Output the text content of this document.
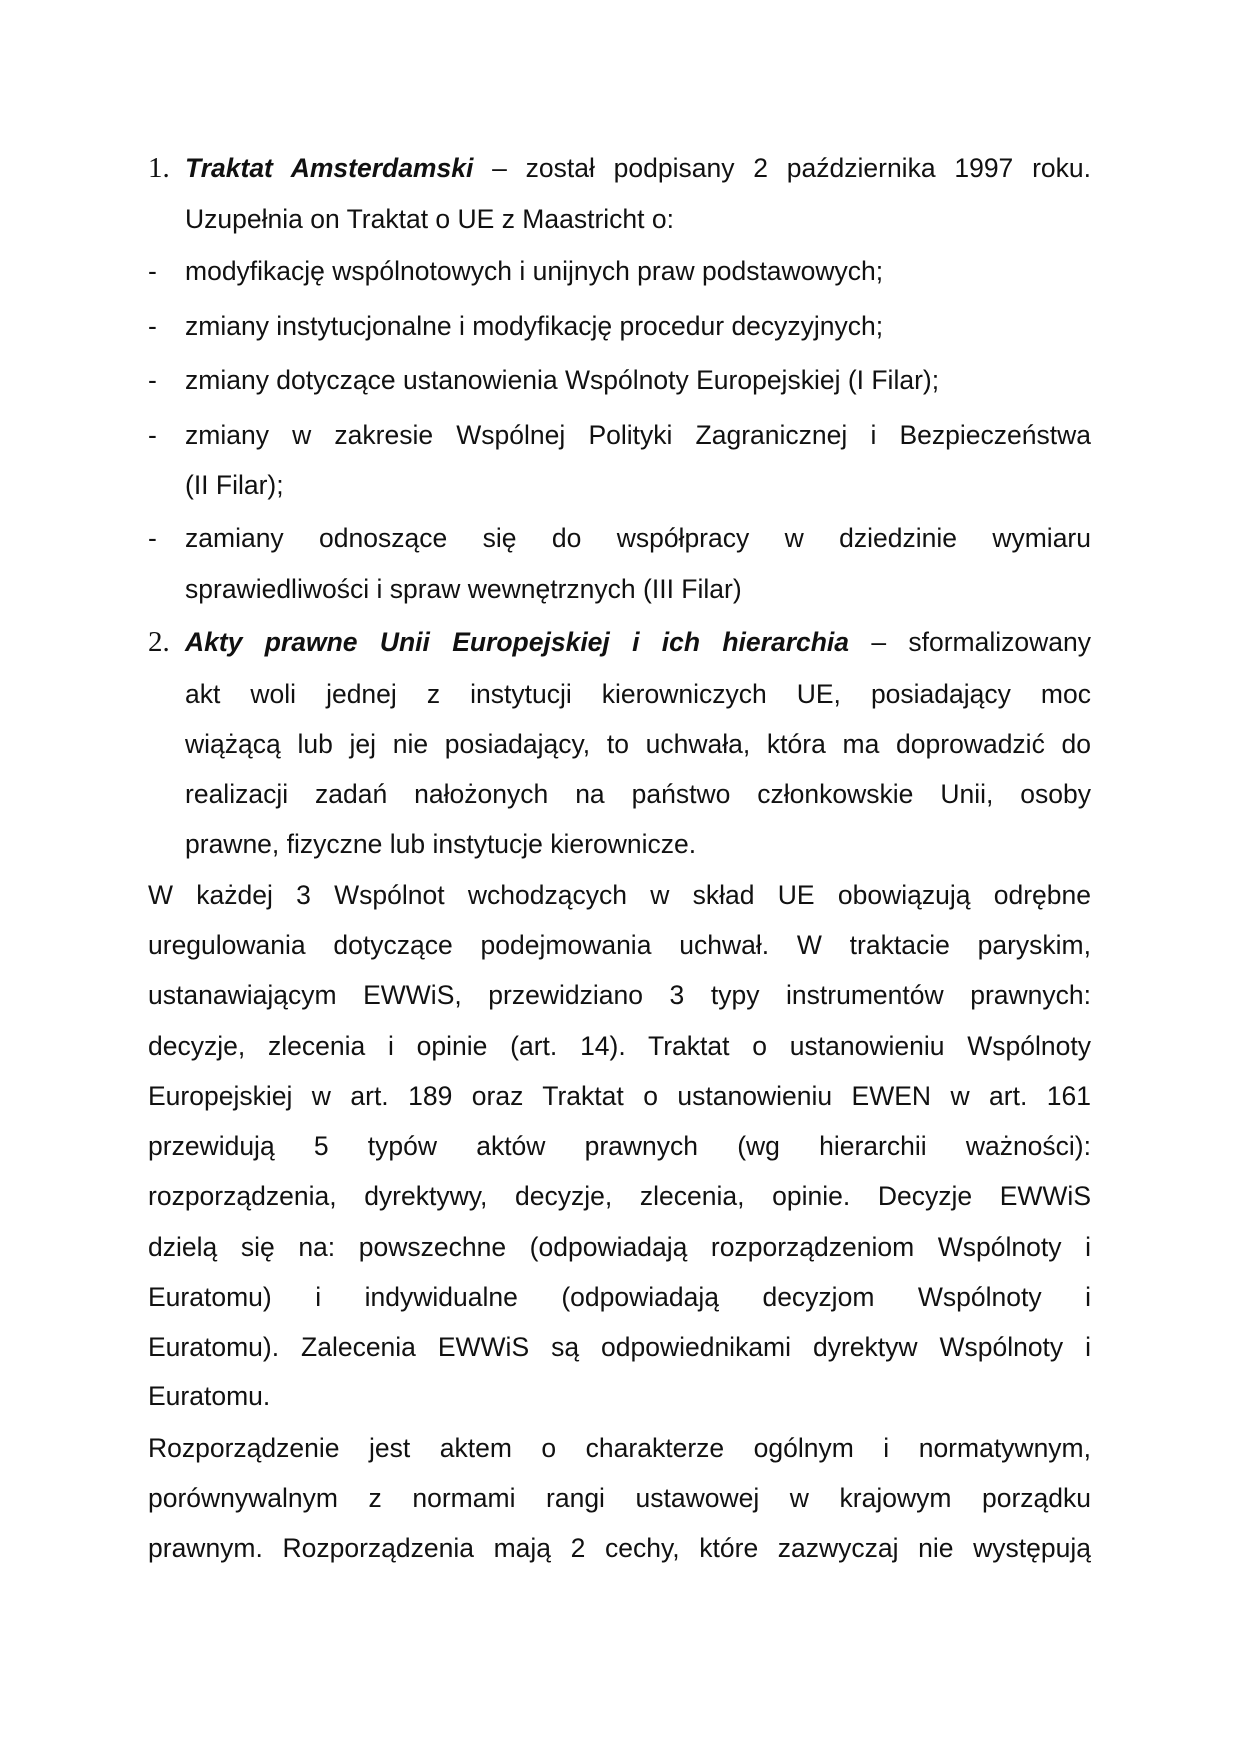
1. Traktat Amsterdamski – został podpisany 2 października 1997 roku.
Uzupełnia on Traktat o UE z Maastricht o:
- modyfikację wspólnotowych i unijnych praw podstawowych;
- zmiany instytucjonalne i modyfikację procedur decyzyjnych;
- zmiany dotyczące ustanowienia Wspólnoty Europejskiej (I Filar);
- zmiany w zakresie Wspólnej Polityki Zagranicznej i Bezpieczeństwa
(II Filar);
- zamiany odnoszące się do współpracy w dziedzinie wymiaru
sprawiedliwości i spraw wewnętrznych (III Filar)
2. Akty prawne Unii Europejskiej i ich hierarchia – sformalizowany
akt woli jednej z instytucji kierowniczych UE, posiadający moc
wiążącą lub jej nie posiadający, to uchwała, która ma doprowadzić do
realizacji zadań nałożonych na państwo członkowskie Unii, osoby
prawne, fizyczne lub instytucje kierownicze.
W każdej 3 Wspólnot wchodzących w skład UE obowiązują odrębne
uregulowania dotyczące podejmowania uchwał. W traktacie paryskim,
ustanawiającym EWWiS, przewidziano 3 typy instrumentów prawnych:
decyzje, zlecenia i opinie (art. 14). Traktat o ustanowieniu Wspólnoty
Europejskiej w art. 189 oraz Traktat o ustanowieniu EWEN w art. 161
przewidują 5 typów aktów prawnych (wg hierarchii ważności):
rozporządzenia, dyrektywy, decyzje, zlecenia, opinie. Decyzje EWWiS
dzielą się na: powszechne (odpowiadają rozporządzeniom Wspólnoty i
Euratomu) i indywidualne (odpowiadają decyzjom Wspólnoty i
Euratomu). Zalecenia EWWiS są odpowiednikami dyrektyw Wspólnoty i
Euratomu.
Rozporządzenie jest aktem o charakterze ogólnym i normatywnym,
porównywalnym z normami rangi ustawowej w krajowym porządku
prawnym. Rozporządzenia mają 2 cechy, które zazwyczaj nie występują
